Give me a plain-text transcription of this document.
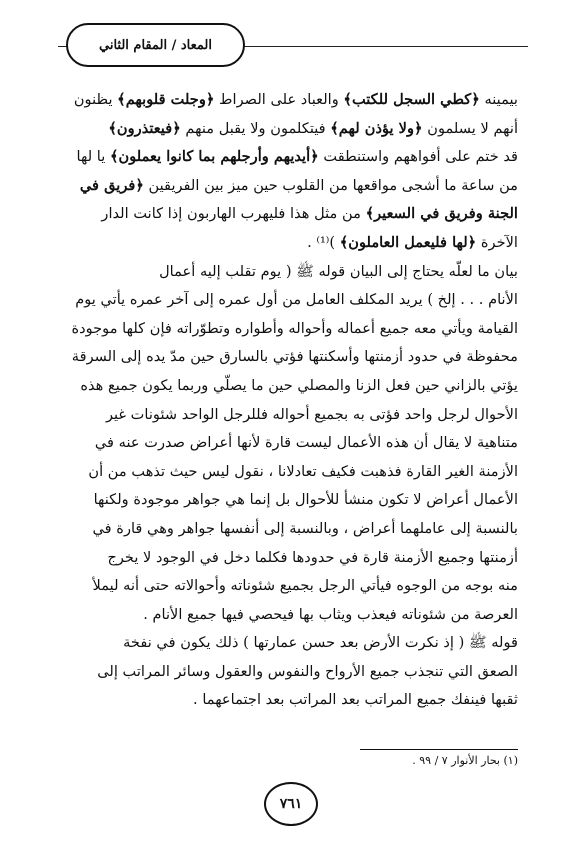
المعاد / المقام الثاني
بيمينه ﴿كطي السجل للكتب﴾ والعباد على الصراط ﴿وجلت قلوبهم﴾ يظنون
أنهم لا يسلمون ﴿ولا يؤذن لهم﴾ فيتكلمون ولا يقبل منهم ﴿فيعتذرون﴾
قد ختم على أفواههم واستنطقت ﴿أيديهم وأرجلهم بما كانوا يعملون﴾ يا لها
من ساعة ما أشجى مواقعها من القلوب حين ميز بين الفريقين ﴿فريق في
الجنة وفريق في السعير﴾ من مثل هذا فليهرب الهاربون إذا كانت الدار
الآخرة ﴿لها فليعمل العاملون﴾ )⁽¹⁾ .
بيان ما لعلّه يحتاج إلى البيان قوله ﷺ ( يوم تقلب إليه أعمال
الأنام . . . إلخ ) يريد المكلف العامل من أول عمره إلى آخر عمره يأتي يوم
القيامة ويأتي معه جميع أعماله وأحواله وأطواره وتطوّراته فإن كلها موجودة
محفوظة في حدود أزمنتها وأسكنتها فؤتي بالسارق حين مدّ يده إلى السرقة
يؤتي بالزاني حين فعل الزنا والمصلي حين ما يصلّي وربما يكون جميع هذه
الأحوال لرجل واحد فؤتى به بجميع أحواله فللرجل الواحد شئونات غير
متناهية لا يقال أن هذه الأعمال ليست قارة لأنها أعراض صدرت عنه في
الأزمنة الغير القارة فذهبت فكيف تعادلانا ، نقول ليس حيث تذهب من أن
الأعمال أعراض لا تكون منشأ للأحوال بل إنما هي جواهر موجودة ولكنها
بالنسبة إلى عاملهما أعراض ، وبالنسبة إلى أنفسها جواهر وهي قارة في
أزمنتها وجميع الأزمنة قارة في حدودها فكلما دخل في الوجود لا يخرج
منه بوجه من الوجوه فيأتي الرجل بجميع شئوناته وأحوالاته حتى أنه ليملأ
العرصة من شئوناته فيعذب ويثاب بها فيحصي فيها جميع الأنام .
قوله ﷺ ( إذ نكرت الأرض بعد حسن عمارتها ) ذلك يكون في نفخة
الصعق التي تنجذب جميع الأرواح والنفوس والعقول وسائر المراتب إلى
ثقبها فينفك جميع المراتب بعد المراتب بعد اجتماعهما .
(١) بحار الأنوار ٧ / ٩٩ .
٧٦١
